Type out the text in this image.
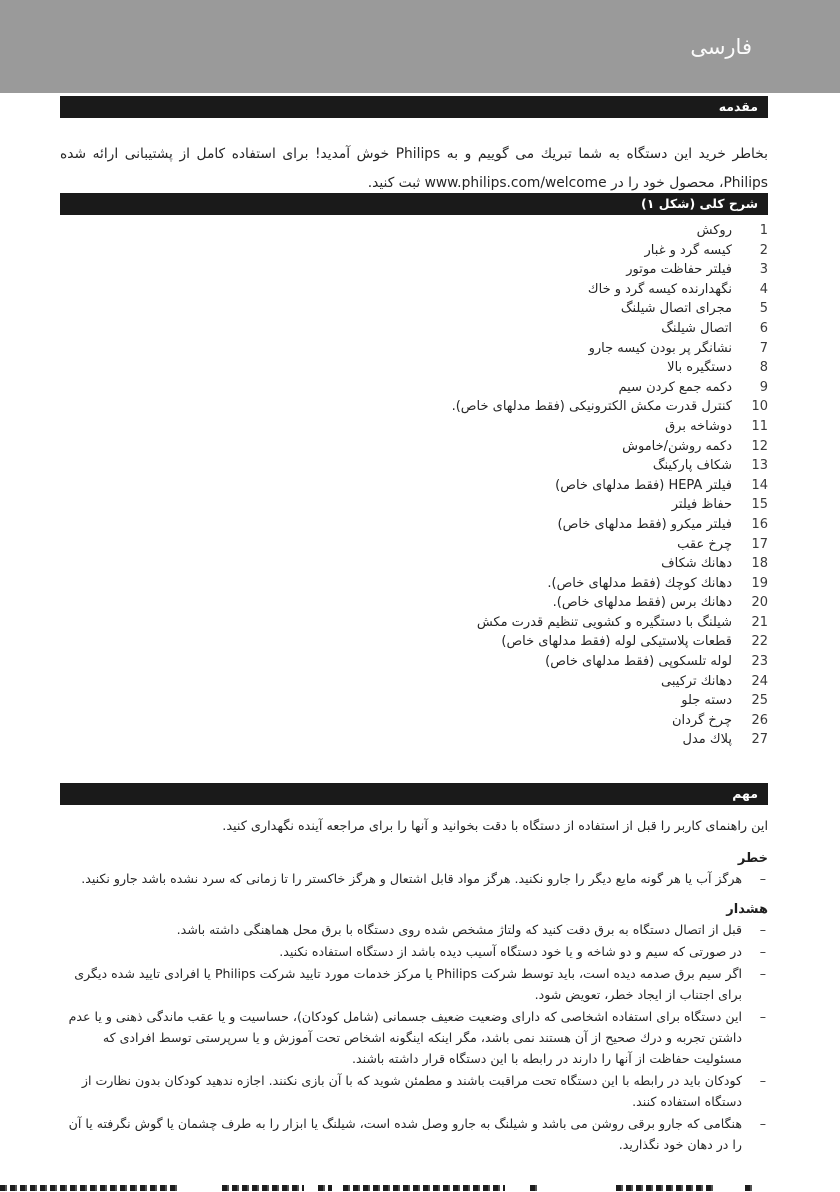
فارسی
مقدمه

بخاطر خرید این دستگاه به شما تبریك می گوییم و به Philips خوش آمدید! برای استفاده كامل از پشتیبانی ارائه شده Philips، محصول خود را در www.philips.com/welcome ثبت كنید.

شرح كلی (شكل ۱)
1
روكش
2
كیسه گرد و غبار
3
فیلتر حفاظت موتور
4
نگهدارنده كیسه گرد و خاك
5
مجرای اتصال شیلنگ
6
اتصال شیلنگ
7
نشانگر پر بودن كیسه جارو
8
دستگیره بالا
9
دكمه جمع كردن سیم
10
كنترل قدرت مكش الكترونیكی (فقط مدلهای خاص).
11
دوشاخه برق
12
دكمه روشن/خاموش
13
شكاف پاركینگ
14
فیلتر HEPA (فقط مدلهای خاص)
15
حفاظ فیلتر
16
فیلتر میكرو (فقط مدلهای خاص)
17
چرخ عقب
18
دهانك شكاف
19
دهانك كوچك (فقط مدلهای خاص).
20
دهانك برس (فقط مدلهای خاص).
21
شیلنگ با دستگیره و كشویی تنظیم قدرت مكش
22
قطعات پلاستیكی لوله (فقط مدلهای خاص)
23
لوله تلسكوپی (فقط مدلهای خاص)
24
دهانك تركیبی
25
دسته جلو
26
چرخ گردان
27
پلاك مدل
مهم

این راهنمای كاربر را قبل از استفاده از دستگاه با دقت بخوانید و آنها را برای مراجعه آینده نگهداری كنید.

خطر
–
هرگز آب یا هر گونه مایع دیگر را جارو نكنید. هرگز مواد قابل اشتعال و هرگز خاكستر را تا زمانی كه سرد نشده باشد جارو نكنید.
هشدار
–
قبل از اتصال دستگاه به برق دقت كنید كه ولتاژ مشخص شده روی دستگاه با برق محل هماهنگی داشته باشد.
–
در صورتی كه سیم و دو شاخه و یا خود دستگاه آسیب دیده باشد از دستگاه استفاده نكنید.
–
اگر سیم برق صدمه دیده است، باید توسط شركت Philips یا مركز خدمات مورد تایید شركت Philips یا افرادی تایید شده دیگری برای اجتناب از ایجاد خطر، تعویض شود.
–
این دستگاه برای استفاده اشخاصی كه دارای وضعیت ضعیف جسمانی (شامل كودكان)، حساسیت و یا عقب ماندگی ذهنی و یا عدم داشتن تجربه و درك صحیح از آن هستند نمی باشد، مگر اینكه اینگونه اشخاص تحت آموزش و یا سرپرستی توسط افرادی كه مسئولیت حفاظت از آنها را دارند در رابطه با این دستگاه قرار داشته باشند.
–
كودكان باید در رابطه با این دستگاه تحت مراقبت باشند و مطمئن شوید كه با آن بازی نكنند. اجازه ندهید كودكان بدون نظارت از دستگاه استفاده كنند.
–
هنگامی كه جارو برقی روشن می باشد و شیلنگ به جارو وصل شده است، شیلنگ یا ابزار را به طرف چشمان یا گوش نگرفته یا آن را در دهان خود نگذارید.
